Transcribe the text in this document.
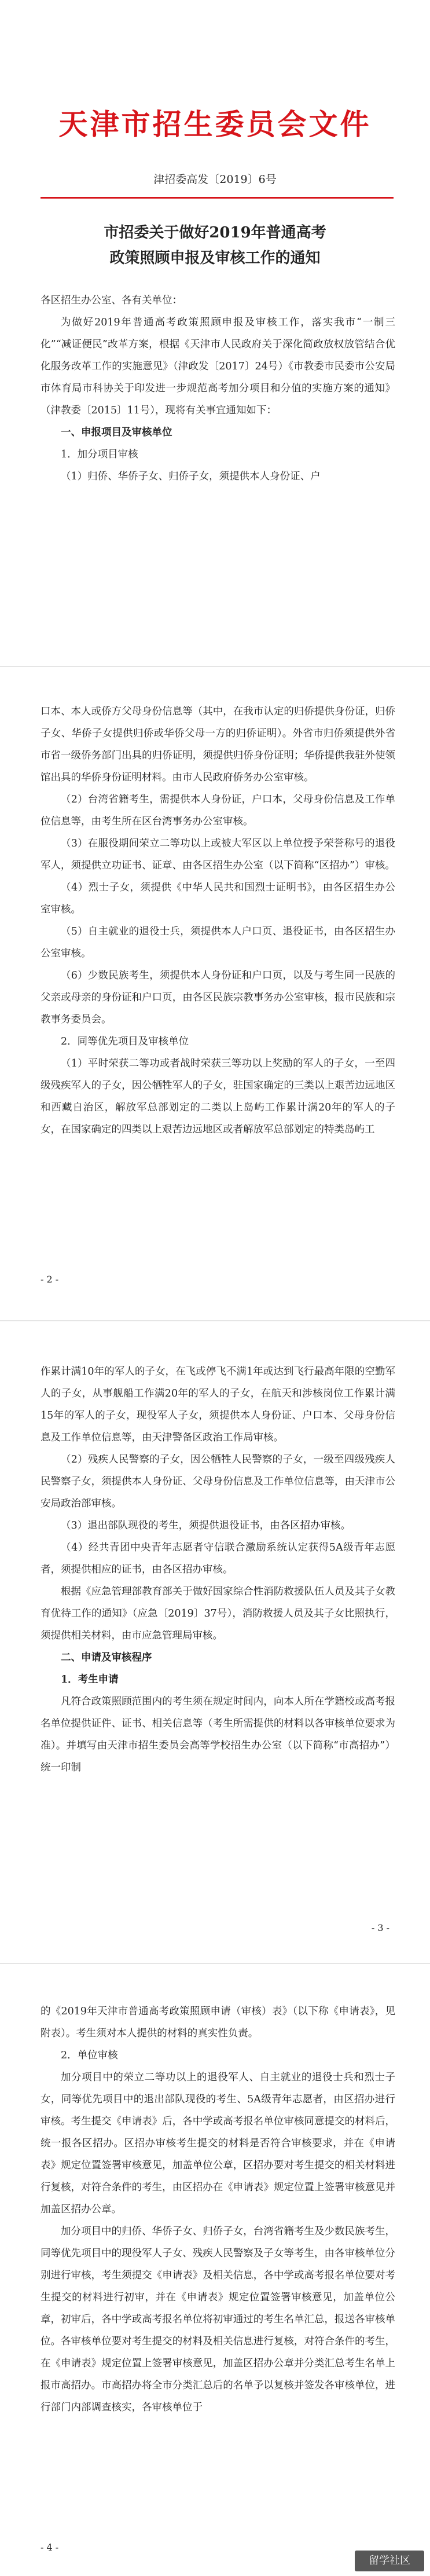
天津市招生委员会文件
津招委高发〔2019〕6号
市招委关于做好2019年普通高考
政策照顾申报及审核工作的通知

各区招生办公室、各有关单位：

为做好2019年普通高考政策照顾申报及审核工作，落实我市“一制三化”“减证便民”改革方案，根据《天津市人民政府关于深化简政放权放管结合优化服务改革工作的实施意见》（津政发〔2017〕24号）《市教委市民委市公安局市体育局市科协关于印发进一步规范高考加分项目和分值的实施方案的通知》（津教委〔2015〕11号），现将有关事宜通知如下：

一、申报项目及审核单位

1．加分项目审核

（1）归侨、华侨子女、归侨子女，须提供本人身份证、户

口本、本人或侨方父母身份信息等（其中，在我市认定的归侨提供身份证，归侨子女、华侨子女提供归侨或华侨父母一方的归侨证明）。外省市归侨须提供外省市省一级侨务部门出具的归侨证明，须提供归侨身份证明；华侨提供我驻外使领馆出具的华侨身份证明材料。由市人民政府侨务办公室审核。

（2）台湾省籍考生，需提供本人身份证，户口本，父母身份信息及工作单位信息等，由考生所在区台湾事务办公室审核。

（3）在服役期间荣立二等功以上或被大军区以上单位授予荣誉称号的退役军人，须提供立功证书、证章、由各区招生办公室（以下简称“区招办”）审核。

（4）烈士子女，须提供《中华人民共和国烈士证明书》，由各区招生办公室审核。

（5）自主就业的退役士兵，须提供本人户口页、退役证书，由各区招生办公室审核。

（6）少数民族考生，须提供本人身份证和户口页，以及与考生同一民族的父亲或母亲的身份证和户口页，由各区民族宗教事务办公室审核，报市民族和宗教事务委员会。

2．同等优先项目及审核单位

（1）平时荣获二等功或者战时荣获三等功以上奖励的军人的子女，一至四级残疾军人的子女，因公牺牲军人的子女，驻国家确定的三类以上艰苦边远地区和西藏自治区，解放军总部划定的二类以上岛屿工作累计满20年的军人的子女，在国家确定的四类以上艰苦边远地区或者解放军总部划定的特类岛屿工

- 2 -

作累计满10年的军人的子女，在飞或停飞不满1年或达到飞行最高年限的空勤军人的子女，从事舰船工作满20年的军人的子女，在航天和涉核岗位工作累计满15年的军人的子女，现役军人子女，须提供本人身份证、户口本、父母身份信息及工作单位信息等，由天津警备区政治工作局审核。

（2）残疾人民警察的子女，因公牺牲人民警察的子女，一级至四级残疾人民警察子女，须提供本人身份证、父母身份信息及工作单位信息等，由天津市公安局政治部审核。

（3）退出部队现役的考生，须提供退役证书，由各区招办审核。

（4）经共青团中央青年志愿者守信联合激励系统认定获得5A级青年志愿者，须提供相应的证书，由各区招办审核。

根据《应急管理部教育部关于做好国家综合性消防救援队伍人员及其子女教育优待工作的通知》（应急〔2019〕37号），消防救援人员及其子女比照执行，须提供相关材料，由市应急管理局审核。

二、申请及审核程序

1．考生申请

凡符合政策照顾范围内的考生须在规定时间内，向本人所在学籍校或高考报名单位提供证件、证书、相关信息等（考生所需提供的材料以各审核单位要求为准）。并填写由天津市招生委员会高等学校招生办公室（以下简称“市高招办”）统一印制

- 3 -

的《2019年天津市普通高考政策照顾申请（审核）表》（以下称《申请表》，见附表）。考生须对本人提供的材料的真实性负责。

2．单位审核

加分项目中的荣立二等功以上的退役军人、自主就业的退役士兵和烈士子女，同等优先项目中的退出部队现役的考生、5A级青年志愿者，由区招办进行审核。考生提交《申请表》后，各中学或高考报名单位审核同意提交的材料后，统一报各区招办。区招办审核考生提交的材料是否符合审核要求，并在《申请表》规定位置签署审核意见，加盖单位公章，区招办要对考生提交的相关材料进行复核，对符合条件的考生，由区招办在《申请表》规定位置上签署审核意见并加盖区招办公章。

加分项目中的归侨、华侨子女、归侨子女，台湾省籍考生及少数民族考生，同等优先项目中的现役军人子女、残疾人民警察及子女等考生，由各审核单位分别进行审核，考生须提交《申请表》及相关信息，各中学或高考报名单位要对考生提交的材料进行初审，并在《申请表》规定位置签署审核意见，加盖单位公章，初审后，各中学或高考报名单位将初审通过的考生名单汇总，报送各审核单位。各审核单位要对考生提交的材料及相关信息进行复核，对符合条件的考生，在《申请表》规定位置上签署审核意见，加盖区招办公章并分类汇总考生名单上报市高招办。市高招办将全市分类汇总后的名单予以复核并签发各审核单位，进行部门内部调查核实，各审核单位于

- 4 -
留学社区
